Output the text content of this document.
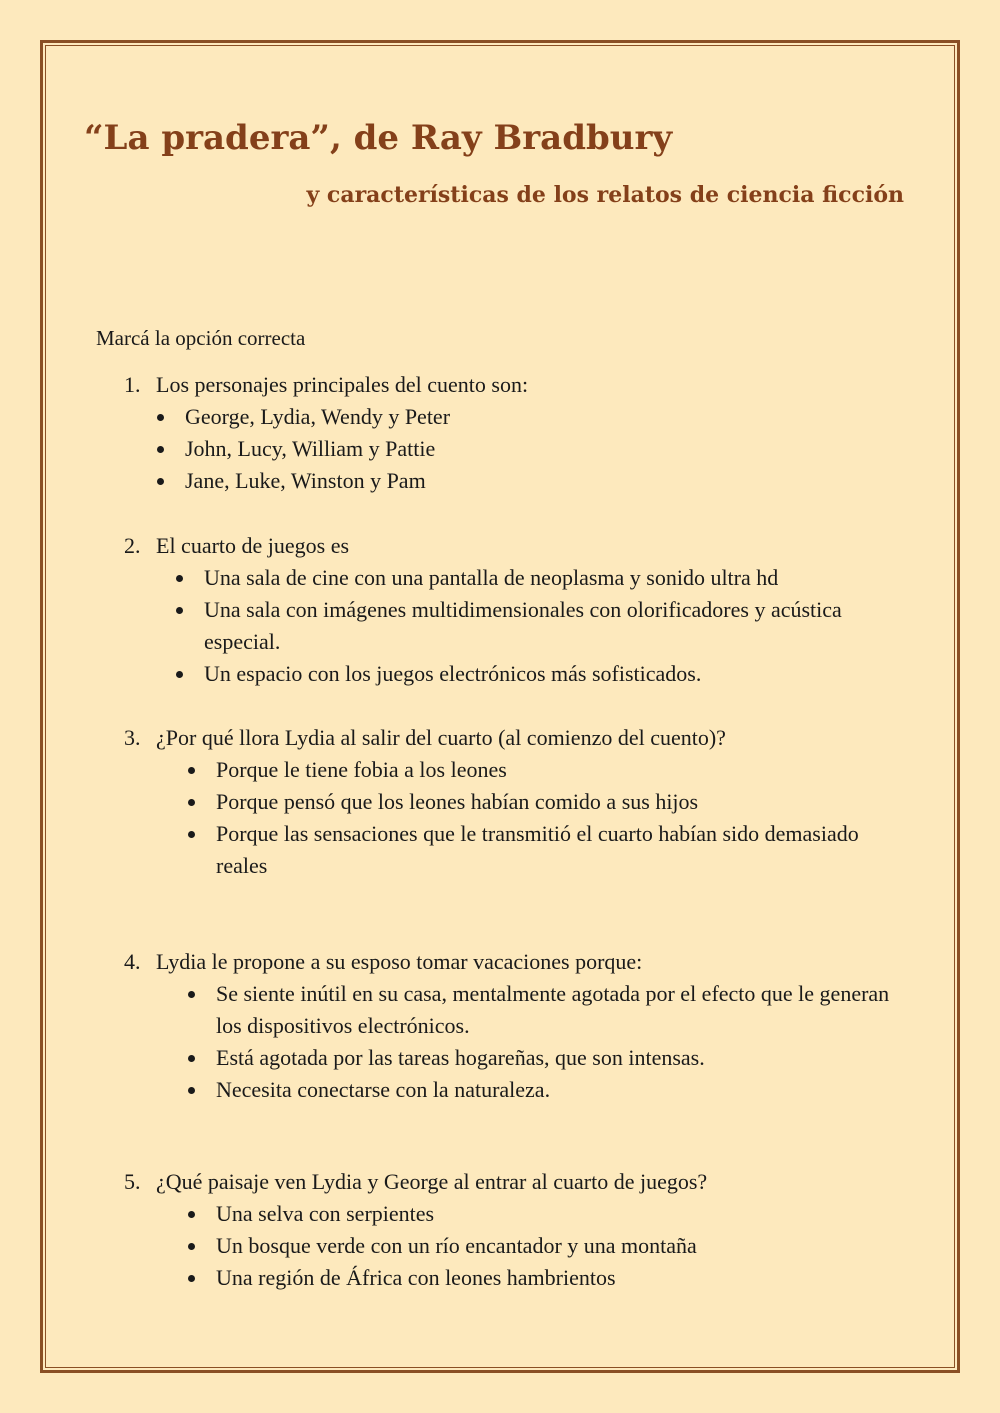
“La pradera”, de Ray Bradbury
y características de los relatos de ciencia ficción
Marcá la opción correcta
1. Los personajes principales del cuento son:
George, Lydia, Wendy y Peter
John, Lucy, William y Pattie
Jane, Luke, Winston y Pam
2. El cuarto de juegos es
Una sala de cine con una pantalla de neoplasma y sonido ultra hd
Una sala con imágenes multidimensionales con olorificadores y acústica especial.
Un espacio con los juegos electrónicos más sofisticados.
3. ¿Por qué llora Lydia al salir del cuarto (al comienzo del cuento)?
Porque le tiene fobia a los leones
Porque pensó que los leones habían comido a sus hijos
Porque las sensaciones que le transmitió el cuarto habían sido demasiado reales
4. Lydia le propone a su esposo tomar vacaciones porque:
Se siente inútil en su casa, mentalmente agotada por el efecto que le generan los dispositivos electrónicos.
Está agotada por las tareas hogareñas, que son intensas.
Necesita conectarse con la naturaleza.
5. ¿Qué paisaje ven Lydia y George al entrar al cuarto de juegos?
Una selva con serpientes
Un bosque verde con un río encantador y una montaña
Una región de África con leones hambrientos
